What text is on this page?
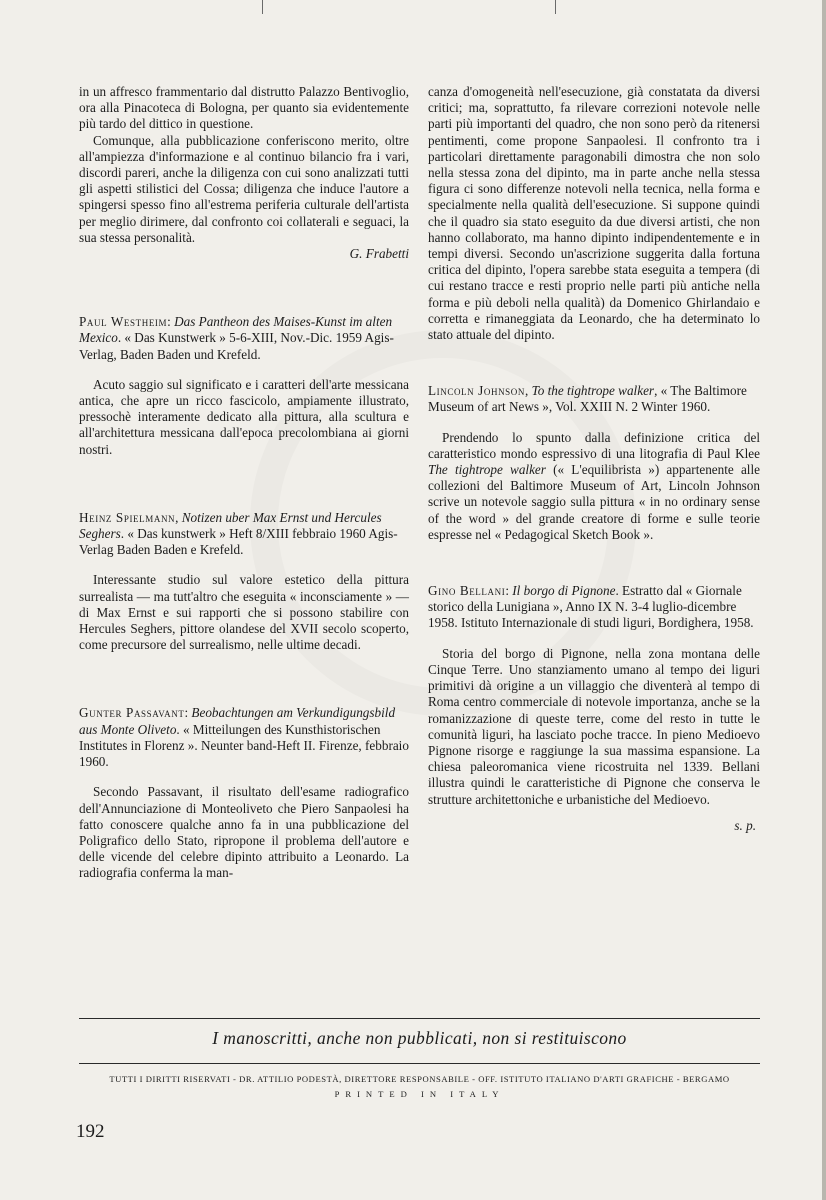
in un affresco frammentario dal distrutto Palazzo Bentivoglio, ora alla Pinacoteca di Bologna, per quanto sia evidentemente più tardo del dittico in questione.

Comunque, alla pubblicazione conferiscono merito, oltre all'ampiezza d'informazione e al continuo bilancio fra i vari, discordi pareri, anche la diligenza con cui sono analizzati tutti gli aspetti stilistici del Cossa; diligenza che induce l'autore a spingersi spesso fino all'estrema periferia culturale dell'artista per meglio dirimere, dal confronto coi collaterali e seguaci, la sua stessa personalità.

G. Frabetti

Paul Westheim: Das Pantheon des Maises-Kunst im alten Mexico. « Das Kunstwerk » 5-6-XIII, Nov.-Dic. 1959 Agis-Verlag, Baden Baden und Krefeld.

Acuto saggio sul significato e i caratteri dell'arte messicana antica, che apre un ricco fascicolo, ampiamente illustrato, pressochè interamente dedicato alla pittura, alla scultura e all'architettura messicana dall'epoca precolombiana ai giorni nostri.

Heinz Spielmann, Notizen uber Max Ernst und Hercules Seghers. « Das kunstwerk » Heft 8/XIII febbraio 1960 Agis-Verlag Baden Baden e Krefeld.

Interessante studio sul valore estetico della pittura surrealista — ma tutt'altro che eseguita « inconsciamente » — di Max Ernst e sui rapporti che si possono stabilire con Hercules Seghers, pittore olandese del XVII secolo scoperto, come precursore del surrealismo, nelle ultime decadi.

Gunter Passavant: Beobachtungen am Verkundigungsbild aus Monte Oliveto. « Mitteilungen des Kunsthistorischen Institutes in Florenz ». Neunter band-Heft II. Firenze, febbraio 1960.

Secondo Passavant, il risultato dell'esame radiografico dell'Annunciazione di Monteoliveto che Piero Sanpaolesi ha fatto conoscere qualche anno fa in una pubblicazione del Poligrafico dello Stato, ripropone il problema dell'autore e delle vicende del celebre dipinto attribuito a Leonardo. La radiografia conferma la man-

canza d'omogeneità nell'esecuzione, già constatata da diversi critici; ma, soprattutto, fa rilevare correzioni notevole nelle parti più importanti del quadro, che non sono però da ritenersi pentimenti, come propone Sanpaolesi. Il confronto tra i particolari direttamente paragonabili dimostra che non solo nella stessa zona del dipinto, ma in parte anche nella stessa figura ci sono differenze notevoli nella tecnica, nella forma e specialmente nella qualità dell'esecuzione. Si suppone quindi che il quadro sia stato eseguito da due diversi artisti, che non hanno collaborato, ma hanno dipinto indipendentemente e in tempi diversi. Secondo un'ascrizione suggerita dalla fortuna critica del dipinto, l'opera sarebbe stata eseguita a tempera (di cui restano tracce e resti proprio nelle parti più antiche nella forma e più deboli nella qualità) da Domenico Ghirlandaio e corretta e rimaneggiata da Leonardo, che ha determinato lo stato attuale del dipinto.

Lincoln Johnson, To the tightrope walker, « The Baltimore Museum of art News », Vol. XXIII N. 2 Winter 1960.

Prendendo lo spunto dalla definizione critica del caratteristico mondo espressivo di una litografia di Paul Klee The tightrope walker (« L'equilibrista ») appartenente alle collezioni del Baltimore Museum of Art, Lincoln Johnson scrive un notevole saggio sulla pittura « in no ordinary sense of the word » del grande creatore di forme e sulle teorie espresse nel « Pedagogical Sketch Book ».

Gino Bellani: Il borgo di Pignone. Estratto dal « Giornale storico della Lunigiana », Anno IX N. 3-4 luglio-dicembre 1958. Istituto Internazionale di studi liguri, Bordighera, 1958.

Storia del borgo di Pignone, nella zona montana delle Cinque Terre. Uno stanziamento umano al tempo dei liguri primitivi dà origine a un villaggio che diventerà al tempo di Roma centro commerciale di notevole importanza, anche se la romanizzazione di queste terre, come del resto in tutte le comunità liguri, ha lasciato poche tracce. In pieno Medioevo Pignone risorge e raggiunge la sua massima espansione. La chiesa paleoromanica viene ricostruita nel 1339. Bellani illustra quindi le caratteristiche di Pignone che conserva le strutture architettoniche e urbanistiche del Medioevo.

s. p.

I manoscritti, anche non pubblicati, non si restituiscono
TUTTI I DIRITTI RISERVATI - DR. ATTILIO PODESTÀ, DIRETTORE RESPONSABILE - OFF. ISTITUTO ITALIANO D'ARTI GRAFICHE - BERGAMO
PRINTED IN ITALY
192
